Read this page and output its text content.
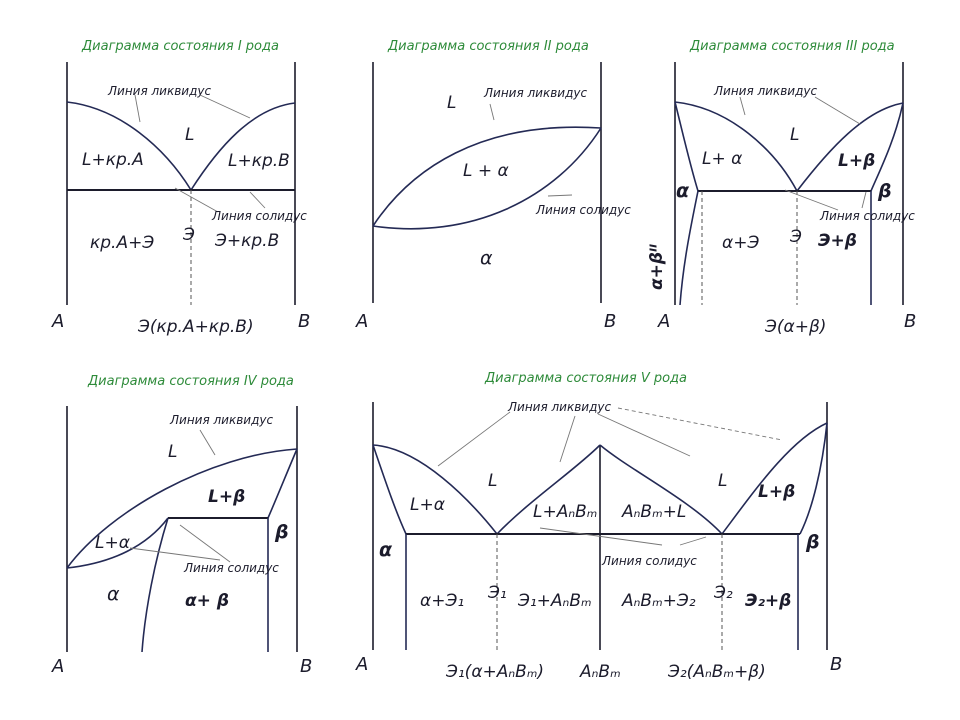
Диаграмма состояния I рода
Линия ликвидус
Линия солидус
L
L+кр.А	L+кр.В
кр.А+Э Э Э+кр.В
A	B
Э(кр.А+кр.В)
Диаграмма состояния II рода
Линия ликвидус
Линия солидус
L
L + α
α
A	B
Диаграмма состояния III рода
Линия ликвидус
Линия солидус
L
L+ α	L+β
α	β
α+Э Э Э+β
α+βᴵᴵ
A	B
Э(α+β)
Диаграмма состояния IV рода
Линия ликвидус
Линия солидус
L
L+β
L+α	β
α	α+ β
A	B
Диаграмма состояния V рода
Линия ликвидус
Линия солидус
L	L
L+α	L+AₙBₘ AₙBₘ+L
L+β
α	β
α+Э₁ Э₁ Э₁+AₙBₘ AₙBₘ+Э₂ Э₂ Э₂+β
A	B
Э₁(α+AₙBₘ) AₙBₘ	Э₂(AₙBₘ+β)
